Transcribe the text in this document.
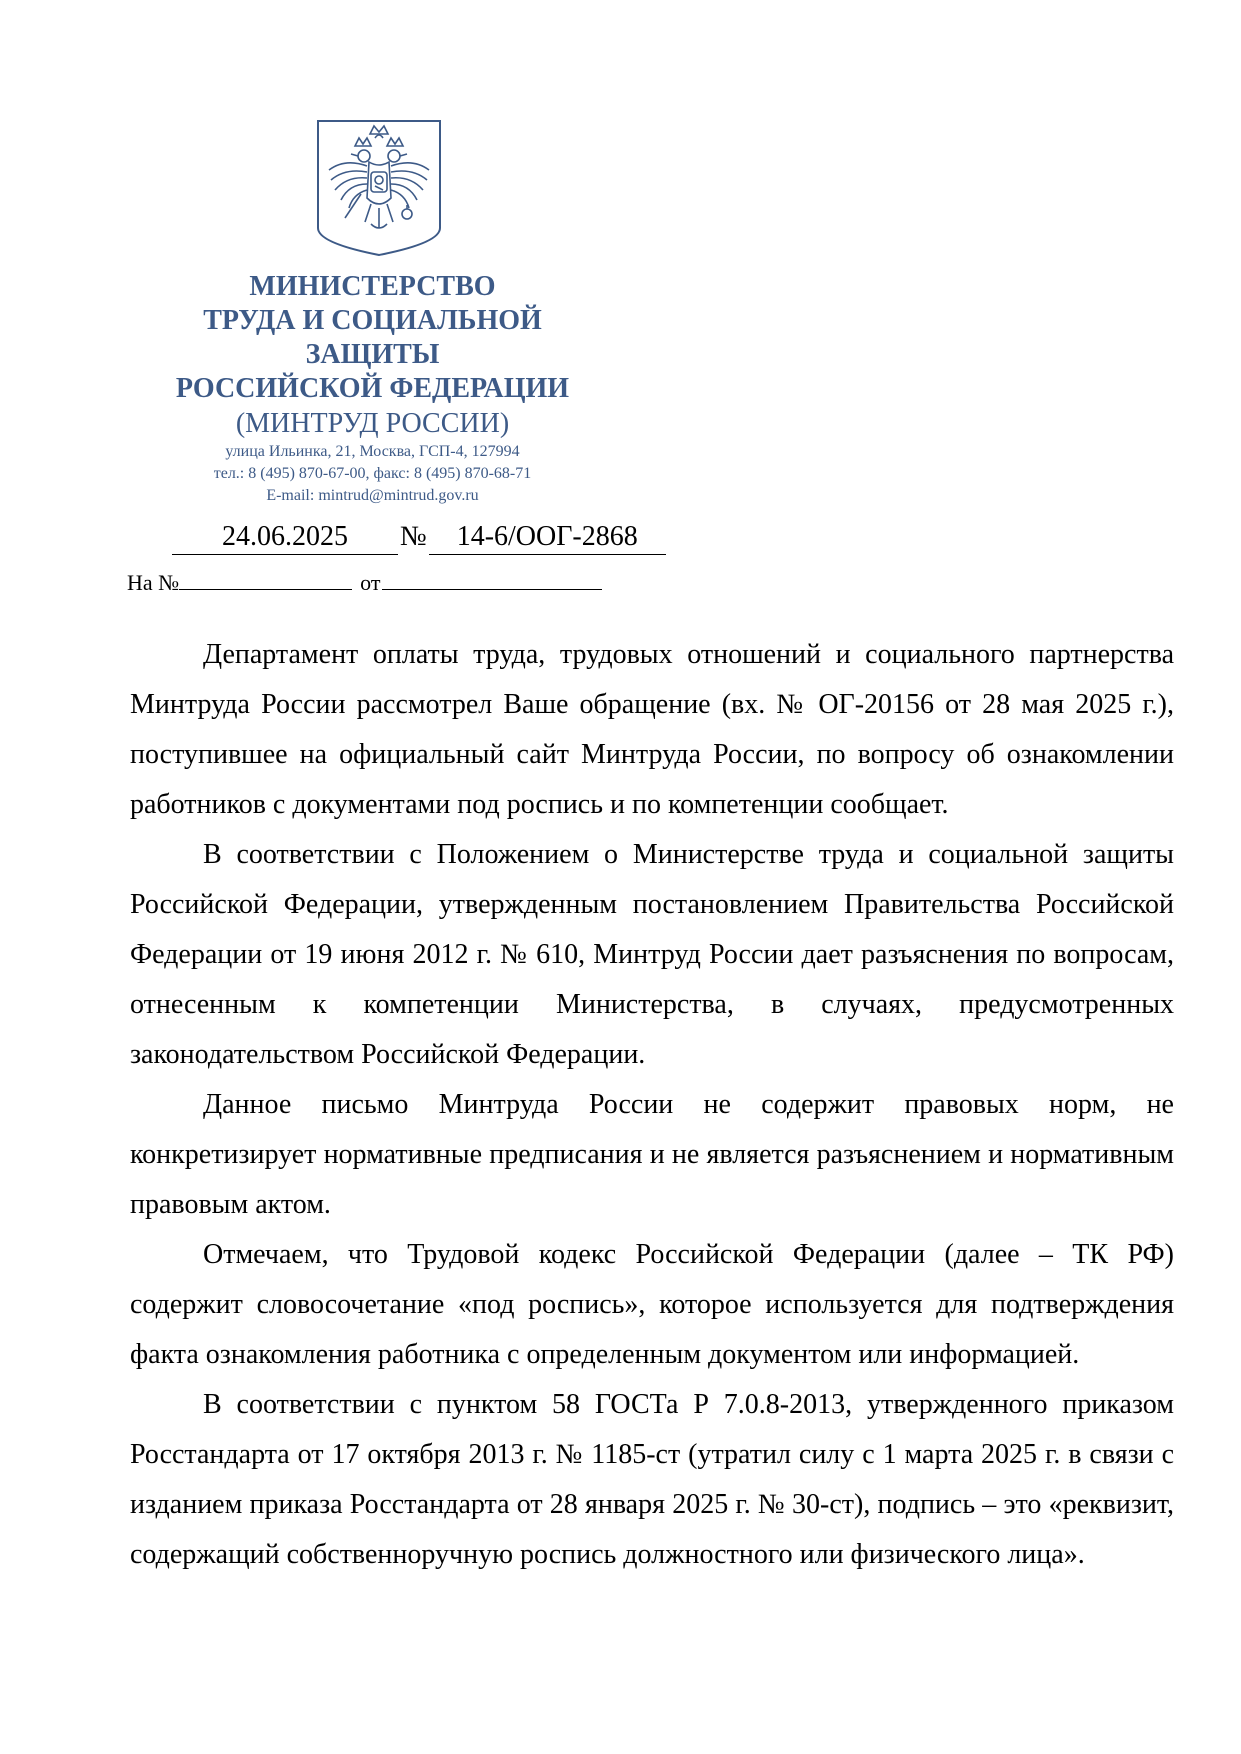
МИНИСТЕРСТВО
ТРУДА И СОЦИАЛЬНОЙ
ЗАЩИТЫ
РОССИЙСКОЙ ФЕДЕРАЦИИ
(МИНТРУД РОССИИ)
улица Ильинка, 21, Москва, ГСП-4, 127994
тел.: 8 (495) 870-67-00, факс: 8 (495) 870-68-71
E-mail: mintrud@mintrud.gov.ru
24.06.2025 № 14-6/ООГ-2868
На №	от

Департамент оплаты труда, трудовых отношений и социального партнерства Минтруда России рассмотрел Ваше обращение (вх. № ОГ-20156 от 28 мая 2025 г.), поступившее на официальный сайт Минтруда России, по вопросу об ознакомлении работников с документами под роспись и по компетенции сообщает.

В соответствии с Положением о Министерстве труда и социальной защиты Российской Федерации, утвержденным постановлением Правительства Российской Федерации от 19 июня 2012 г. № 610, Минтруд России дает разъяснения по вопросам, отнесенным к компетенции Министерства, в случаях, предусмотренных законодательством Российской Федерации.

Данное письмо Минтруда России не содержит правовых норм, не конкретизирует нормативные предписания и не является разъяснением и нормативным правовым актом.

Отмечаем, что Трудовой кодекс Российской Федерации (далее – ТК РФ) содержит словосочетание «под роспись», которое используется для подтверждения факта ознакомления работника с определенным документом или информацией.

В соответствии с пунктом 58 ГОСТа Р 7.0.8-2013, утвержденного приказом Росстандарта от 17 октября 2013 г. № 1185-ст (утратил силу с 1 марта 2025 г. в связи с изданием приказа Росстандарта от 28 января 2025 г. № 30-ст), подпись – это «реквизит, содержащий собственноручную роспись должностного или физического лица».
